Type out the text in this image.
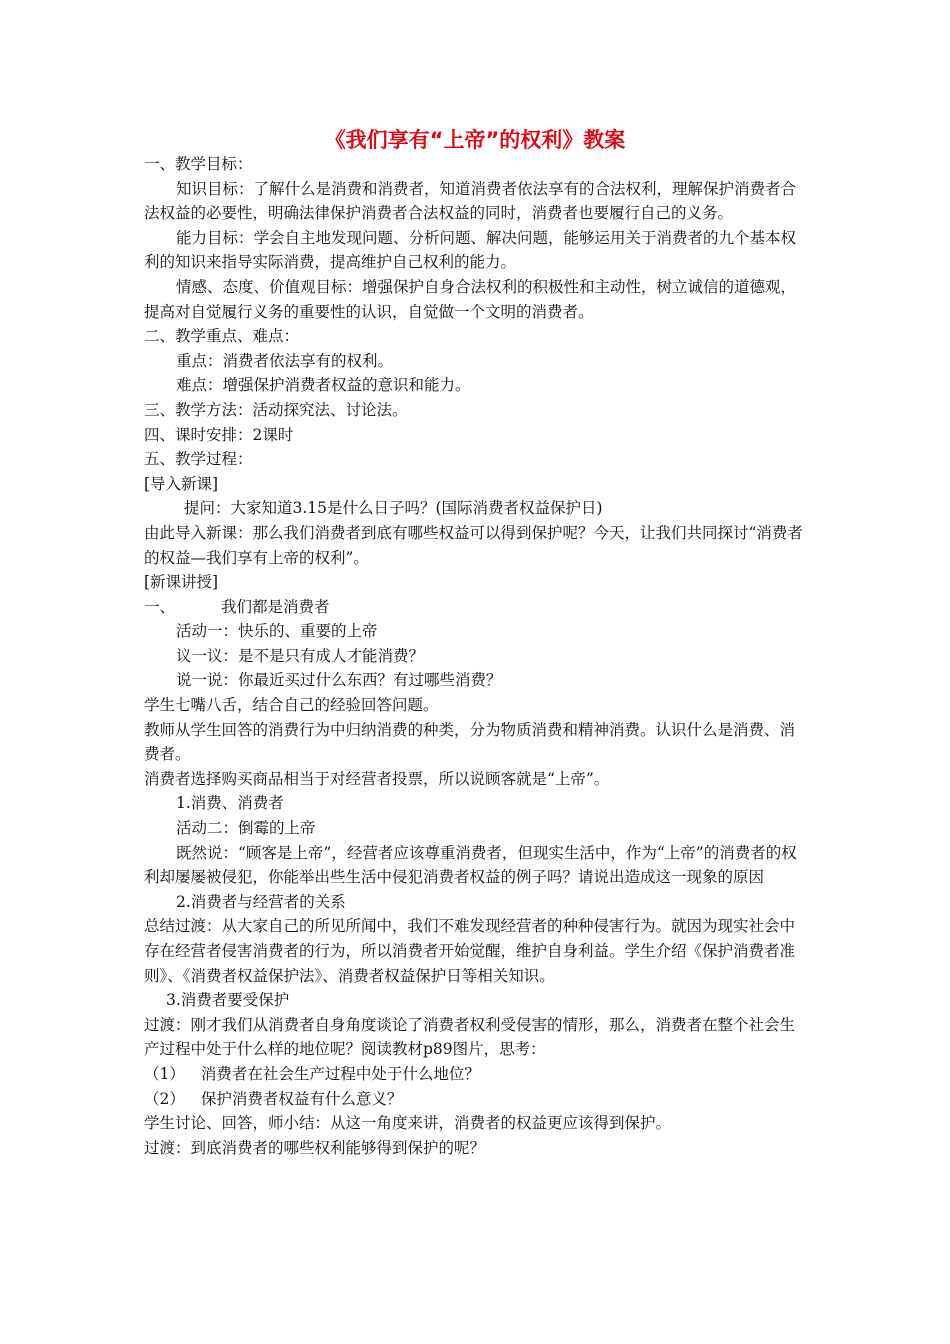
《我们享有“上帝”的权利》教案

一、教学目标：

知识目标：了解什么是消费和消费者，知道消费者依法享有的合法权利，理解保护消费者合法权益的必要性，明确法律保护消费者合法权益的同时，消费者也要履行自己的义务。

能力目标：学会自主地发现问题、分析问题、解决问题，能够运用关于消费者的九个基本权利的知识来指导实际消费，提高维护自己权利的能力。

情感、态度、价值观目标：增强保护自身合法权利的积极性和主动性，树立诚信的道德观，提高对自觉履行义务的重要性的认识，自觉做一个文明的消费者。

二、教学重点、难点：

重点：消费者依法享有的权利。

难点：增强保护消费者权益的意识和能力。

三、教学方法：活动探究法、讨论法。

四、课时安排：2课时

五、教学过程：

[导入新课]

提问：大家知道3.15是什么日子吗？(国际消费者权益保护日)

由此导入新课：那么我们消费者到底有哪些权益可以得到保护呢？今天，让我们共同探讨“消费者的权益—我们享有上帝的权利”。

[新课讲授]

一、	我们都是消费者

活动一：快乐的、重要的上帝

议一议：是不是只有成人才能消费？

说一说：你最近买过什么东西？有过哪些消费？

学生七嘴八舌，结合自己的经验回答问题。

教师从学生回答的消费行为中归纳消费的种类，分为物质消费和精神消费。认识什么是消费、消费者。

消费者选择购买商品相当于对经营者投票，所以说顾客就是“上帝”。

1.消费、消费者

活动二：倒霉的上帝

既然说：“顾客是上帝”，经营者应该尊重消费者，但现实生活中，作为“上帝”的消费者的权利却屡屡被侵犯，你能举出些生活中侵犯消费者权益的例子吗？请说出造成这一现象的原因

2.消费者与经营者的关系

总结过渡：从大家自己的所见所闻中，我们不难发现经营者的种种侵害行为。就因为现实社会中存在经营者侵害消费者的行为，所以消费者开始觉醒，维护自身利益。学生介绍《保护消费者准则》、《消费者权益保护法》、消费者权益保护日等相关知识。

3.消费者要受保护

过渡：刚才我们从消费者自身角度谈论了消费者权利受侵害的情形，那么，消费者在整个社会生产过程中处于什么样的地位呢？阅读教材p89图片，思考：

（1） 消费者在社会生产过程中处于什么地位？

（2） 保护消费者权益有什么意义？

学生讨论、回答，师小结：从这一角度来讲，消费者的权益更应该得到保护。

过渡：到底消费者的哪些权利能够得到保护的呢？
